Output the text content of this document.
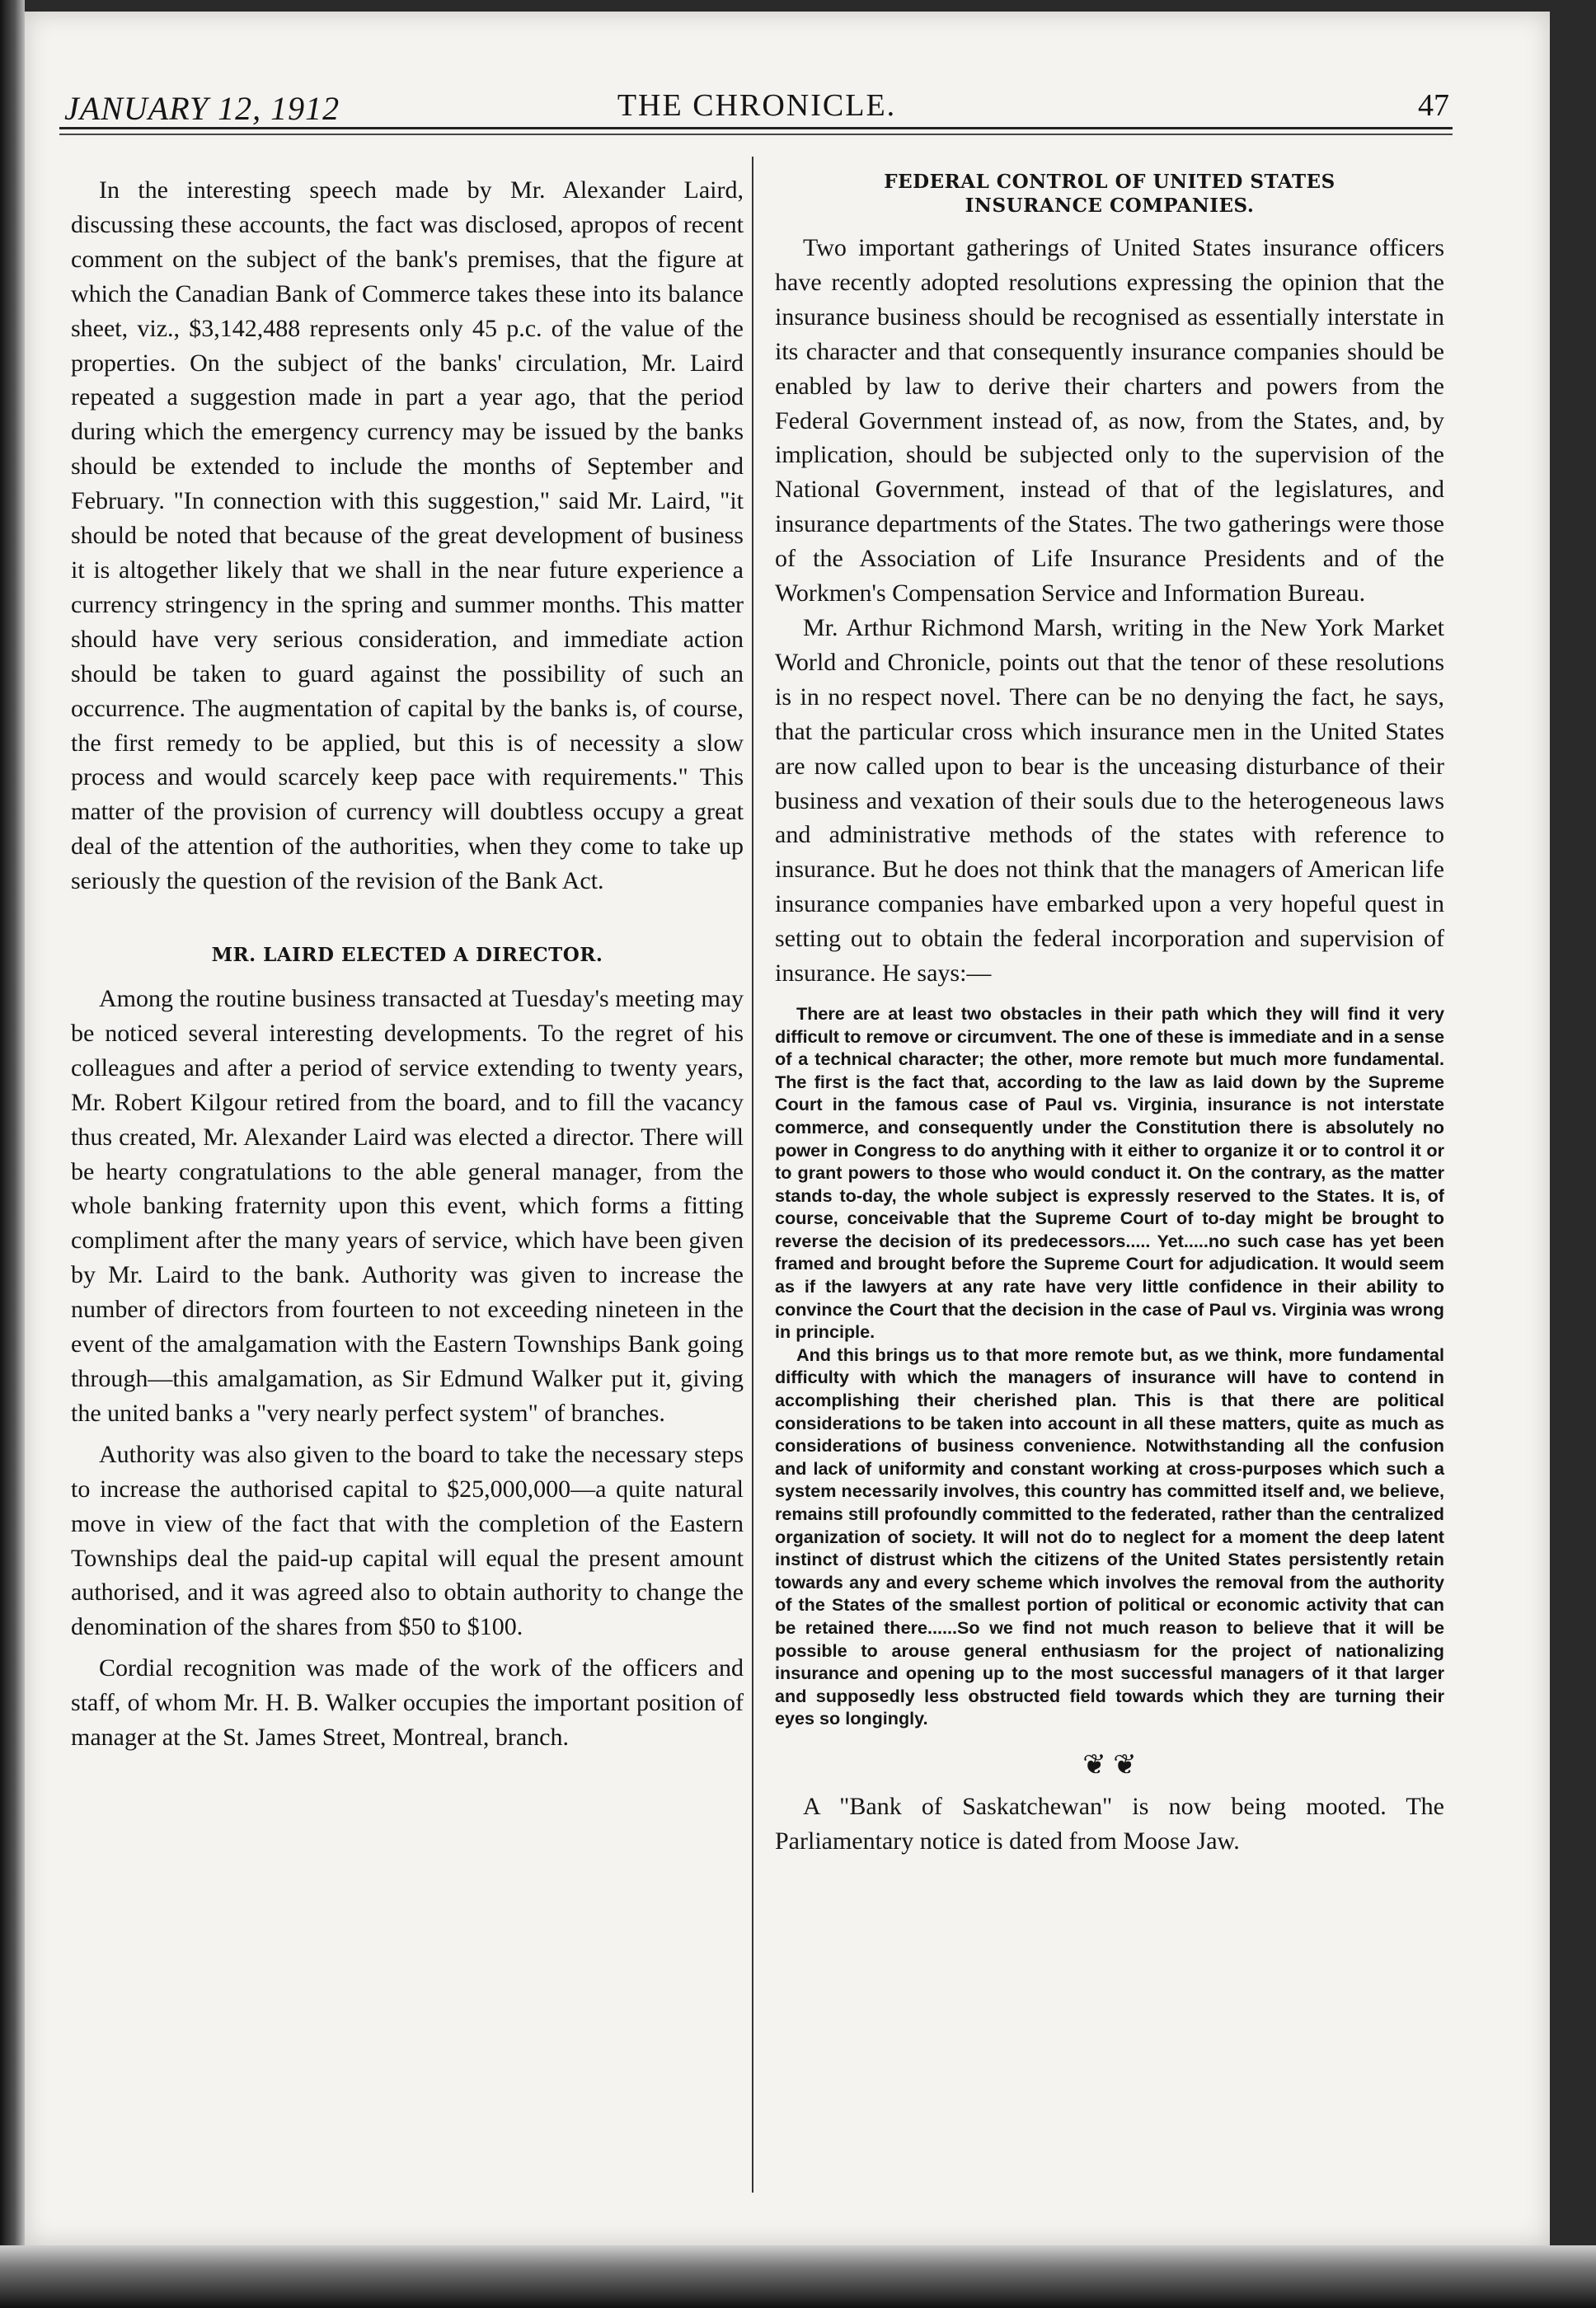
JANUARY 12, 1912	THE CHRONICLE.	47

In the interesting speech made by Mr. Alexander Laird, discussing these accounts, the fact was disclosed, apropos of recent comment on the subject of the bank's premises, that the figure at which the Canadian Bank of Commerce takes these into its balance sheet, viz., $3,142,488 represents only 45 p.c. of the value of the properties. On the subject of the banks' circulation, Mr. Laird repeated a suggestion made in part a year ago, that the period during which the emergency currency may be issued by the banks should be extended to include the months of September and February. "In connection with this suggestion," said Mr. Laird, "it should be noted that because of the great development of business it is altogether likely that we shall in the near future experience a currency stringency in the spring and summer months. This matter should have very serious consideration, and immediate action should be taken to guard against the possibility of such an occurrence. The augmentation of capital by the banks is, of course, the first remedy to be applied, but this is of necessity a slow process and would scarcely keep pace with requirements." This matter of the provision of currency will doubtless occupy a great deal of the attention of the authorities, when they come to take up seriously the question of the revision of the Bank Act.

MR. LAIRD ELECTED A DIRECTOR.

Among the routine business transacted at Tuesday's meeting may be noticed several interesting developments. To the regret of his colleagues and after a period of service extending to twenty years, Mr. Robert Kilgour retired from the board, and to fill the vacancy thus created, Mr. Alexander Laird was elected a director. There will be hearty congratulations to the able general manager, from the whole banking fraternity upon this event, which forms a fitting compliment after the many years of service, which have been given by Mr. Laird to the bank. Authority was given to increase the number of directors from fourteen to not exceeding nineteen in the event of the amalgamation with the Eastern Townships Bank going through—this amalgamation, as Sir Edmund Walker put it, giving the united banks a "very nearly perfect system" of branches.

Authority was also given to the board to take the necessary steps to increase the authorised capital to $25,000,000—a quite natural move in view of the fact that with the completion of the Eastern Townships deal the paid-up capital will equal the present amount authorised, and it was agreed also to obtain authority to change the denomination of the shares from $50 to $100.

Cordial recognition was made of the work of the officers and staff, of whom Mr. H. B. Walker occupies the important position of manager at the St. James Street, Montreal, branch.

FEDERAL CONTROL OF UNITED STATES

INSURANCE COMPANIES.

Two important gatherings of United States insurance officers have recently adopted resolutions expressing the opinion that the insurance business should be recognised as essentially interstate in its character and that consequently insurance companies should be enabled by law to derive their charters and powers from the Federal Government instead of, as now, from the States, and, by implication, should be subjected only to the supervision of the National Government, instead of that of the legislatures, and insurance departments of the States. The two gatherings were those of the Association of Life Insurance Presidents and of the Workmen's Compensation Service and Information Bureau.

Mr. Arthur Richmond Marsh, writing in the New York Market World and Chronicle, points out that the tenor of these resolutions is in no respect novel. There can be no denying the fact, he says, that the particular cross which insurance men in the United States are now called upon to bear is the unceasing disturbance of their business and vexation of their souls due to the heterogeneous laws and administrative methods of the states with reference to insurance. But he does not think that the managers of American life insurance companies have embarked upon a very hopeful quest in setting out to obtain the federal incorporation and supervision of insurance. He says:—

There are at least two obstacles in their path which they will find it very difficult to remove or circumvent. The one of these is immediate and in a sense of a technical character; the other, more remote but much more fundamental. The first is the fact that, according to the law as laid down by the Supreme Court in the famous case of Paul vs. Virginia, insurance is not interstate commerce, and consequently under the Constitution there is absolutely no power in Congress to do anything with it either to organize it or to control it or to grant powers to those who would conduct it. On the contrary, as the matter stands to-day, the whole subject is expressly reserved to the States. It is, of course, conceivable that the Supreme Court of to-day might be brought to reverse the decision of its predecessors..... Yet.....no such case has yet been framed and brought before the Supreme Court for adjudication. It would seem as if the lawyers at any rate have very little confidence in their ability to convince the Court that the decision in the case of Paul vs. Virginia was wrong in principle.

And this brings us to that more remote but, as we think, more fundamental difficulty with which the managers of insurance will have to contend in accomplishing their cherished plan. This is that there are political considerations to be taken into account in all these matters, quite as much as considerations of business convenience. Notwithstanding all the confusion and lack of uniformity and constant working at cross-purposes which such a system necessarily involves, this country has committed itself and, we believe, remains still profoundly committed to the federated, rather than the centralized organization of society. It will not do to neglect for a moment the deep latent instinct of distrust which the citizens of the United States persistently retain towards any and every scheme which involves the removal from the authority of the States of the smallest portion of political or economic activity that can be retained there......So we find not much reason to believe that it will be possible to arouse general enthusiasm for the project of nationalizing insurance and opening up to the most successful managers of it that larger and supposedly less obstructed field towards which they are turning their eyes so longingly.

❦ ❦

A "Bank of Saskatchewan" is now being mooted. The Parliamentary notice is dated from Moose Jaw.
